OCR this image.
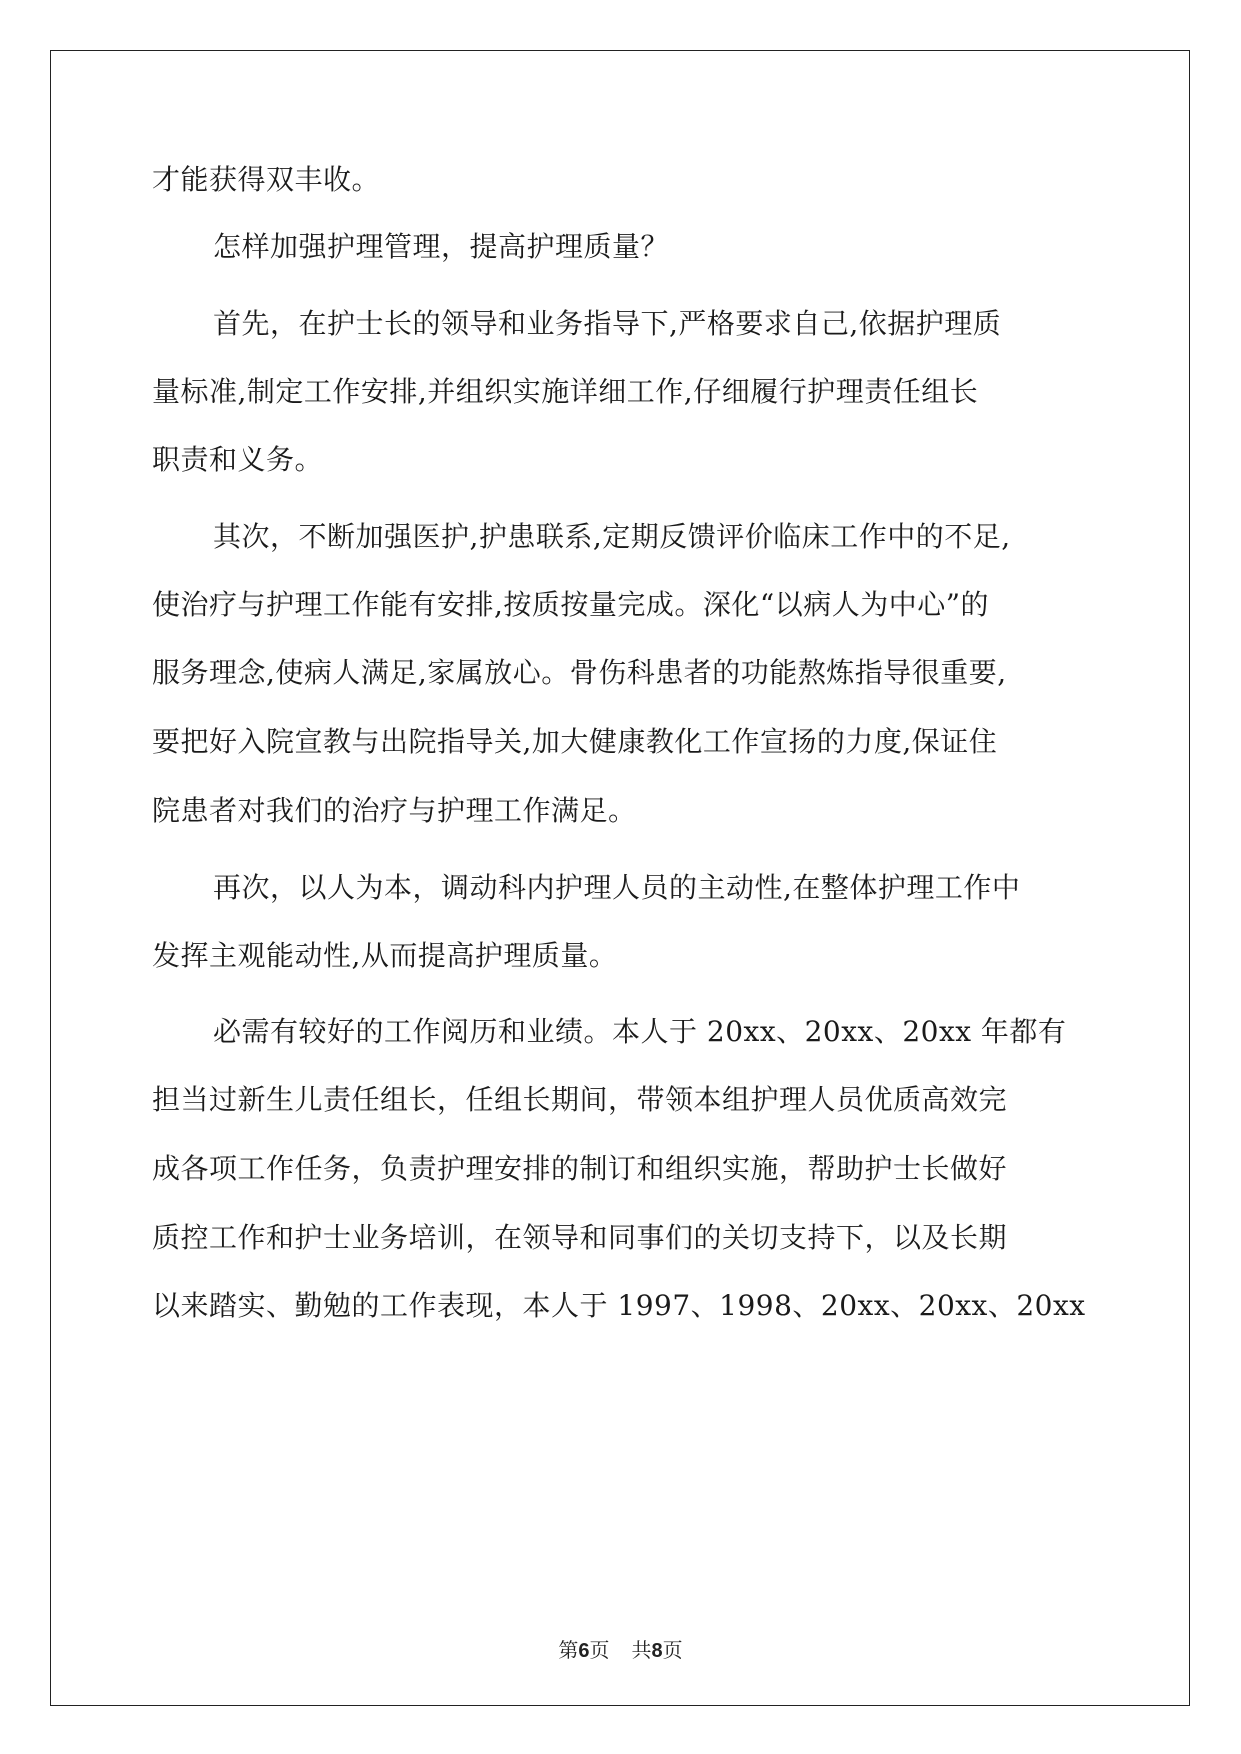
才能获得双丰收。
怎样加强护理管理，提高护理质量？
首先，在护士长的领导和业务指导下,严格要求自己,依据护理质
量标准,制定工作安排,并组织实施详细工作,仔细履行护理责任组长
职责和义务。
其次，不断加强医护,护患联系,定期反馈评价临床工作中的不足,
使治疗与护理工作能有安排,按质按量完成。深化“以病人为中心”的
服务理念,使病人满足,家属放心。骨伤科患者的功能熬炼指导很重要,
要把好入院宣教与出院指导关,加大健康教化工作宣扬的力度,保证住
院患者对我们的治疗与护理工作满足。
再次，以人为本，调动科内护理人员的主动性,在整体护理工作中
发挥主观能动性,从而提高护理质量。
必需有较好的工作阅历和业绩。本人于 20xx、20xx、20xx 年都有
担当过新生儿责任组长，任组长期间，带领本组护理人员优质高效完
成各项工作任务，负责护理安排的制订和组织实施，帮助护士长做好
质控工作和护士业务培训，在领导和同事们的关切支持下，以及长期
以来踏实、勤勉的工作表现，本人于 1997、1998、20xx、20xx、20xx
第6页 共8页
